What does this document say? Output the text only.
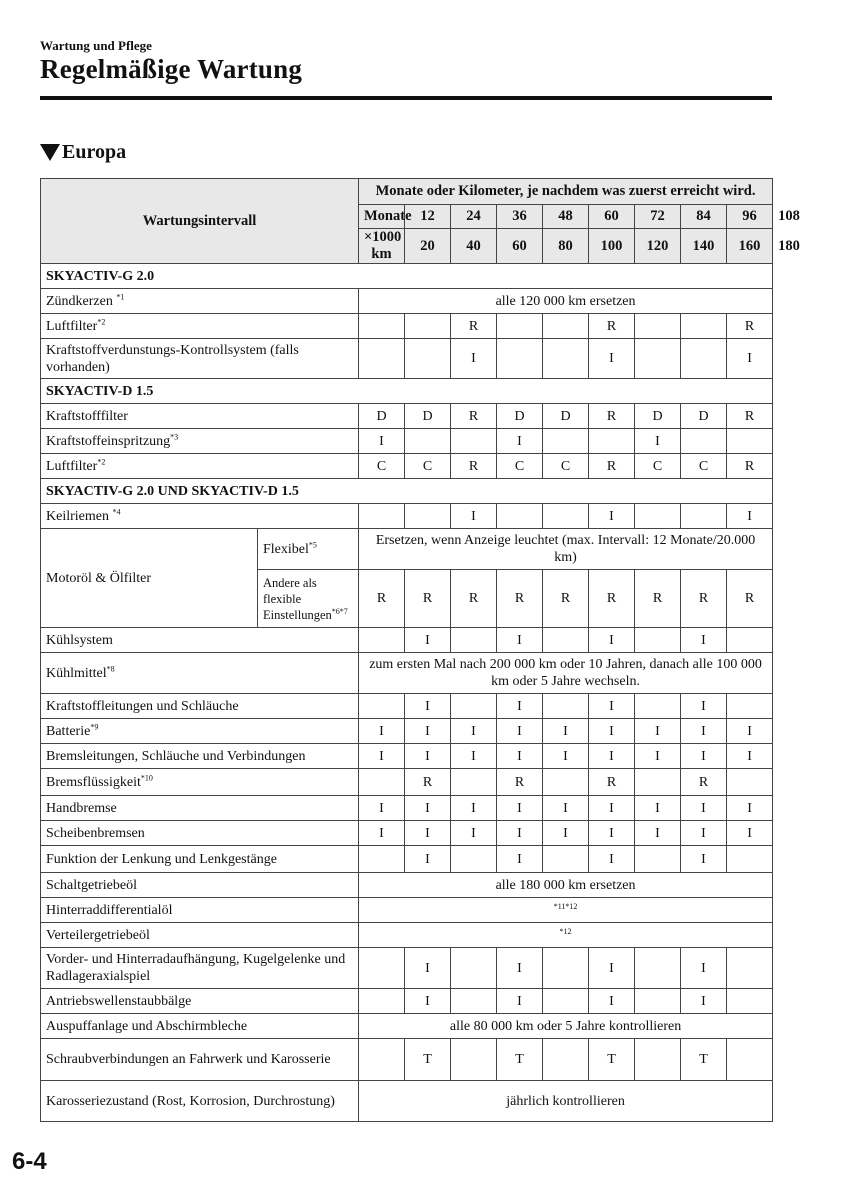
Wartung und Pflege
Regelmäßige Wartung
Europa
Wartungsintervall		Monate oder Kilometer, je nachdem was zuerst erreicht wird.									
		Monate	12	24	36	48	60	72	84	96	108
		×1000 km	20	40	60	80	100	120	140	160	180
SKYACTIV-G 2.0											
Zündkerzen $^{*1}$		alle 120 000 km ersetzen									
Luftfilter$^{*2}$				R			R			R	
Kraftstoffverdunstungs-Kontrollsystem (falls vorhanden)				I			I			I	
SKYACTIV-D 1.5											
Kraftstofffilter		D	D	R	D	D	R	D	D	R	
Kraftstoffeinspritzung$^{*3}$		I			I			I			
Luftfilter$^{*2}$		C	C	R	C	C	R	C	C	R	
SKYACTIV-G 2.0 UND SKYACTIV-D 1.5											
Keilriemen $^{*4}$				I			I			I	
Motoröl & Ölfilter	Flexibel$^{*5}$	Ersetzen, wenn Anzeige leuchtet (max. Intervall: 12 Monate/20.000 km)									
	Andere als flexible Einstellungen$^{*6*7}$	R	R	R	R	R	R	R	R	R	
Kühlsystem			I		I		I		I		
Kühlmittel$^{*8}$		zum ersten Mal nach 200 000 km oder 10 Jahren, danach alle 100 000 km oder 5 Jahre wechseln.									
Kraftstoffleitungen und Schläuche			I		I		I		I		
Batterie$^{*9}$		I	I	I	I	I	I	I	I	I	
Bremsleitungen, Schläuche und Verbindungen		I	I	I	I	I	I	I	I	I	
Bremsflüssigkeit$^{*10}$			R		R		R		R		
Handbremse		I	I	I	I	I	I	I	I	I	
Scheibenbremsen		I	I	I	I	I	I	I	I	I	
Funktion der Lenkung und Lenkgestänge			I		I		I		I		
Schaltgetriebeöl		alle 180 000 km ersetzen									
Hinterraddifferentialöl		$^{*11*12}$
Verteilergetriebeöl		$^{*12}$
Vorder- und Hinterradaufhängung, Kugelgelenke und Radlageraxialspiel			I		I		I		I		
Antriebswellenstaubbälge			I		I		I		I		
Auspuffanlage und Abschirmbleche		alle 80 000 km oder 5 Jahre kontrollieren									
Schraubverbindungen an Fahrwerk und Karosserie			T		T		T		T		
Karosseriezustand (Rost, Korrosion, Durchrostung)		jährlich kontrollieren									
6-4
